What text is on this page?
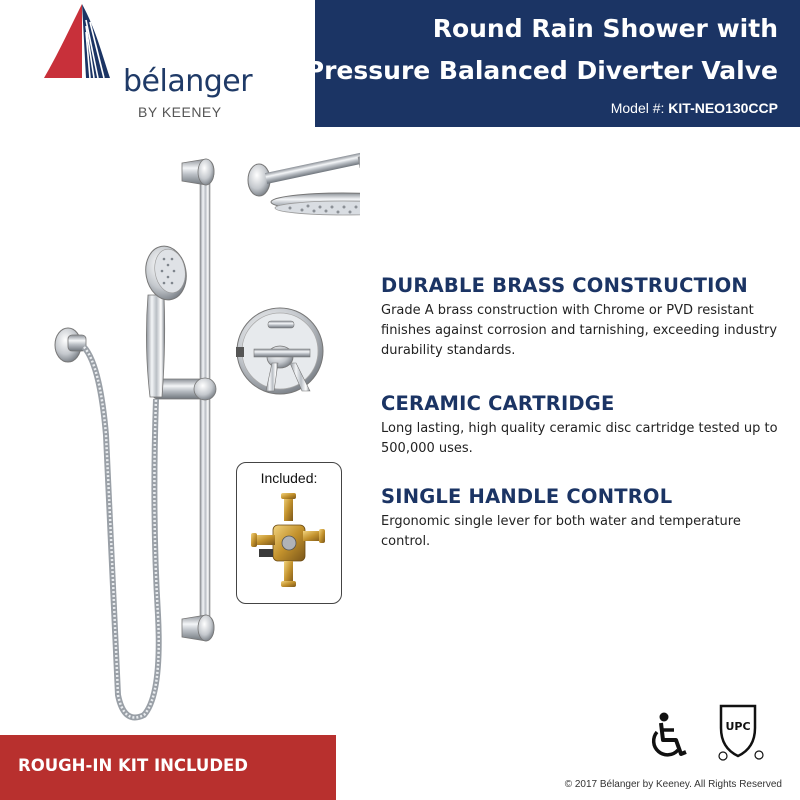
bélanger
BY KEENEY
Round Rain Shower with
Pressure Balanced Diverter Valve
Model #: KIT-NEO130CCP
Included:
DURABLE BRASS CONSTRUCTION

Grade A brass construction with Chrome or PVD resistant finishes against corrosion and tarnishing, exceeding industry durability standards.

CERAMIC CARTRIDGE

Long lasting, high quality ceramic disc cartridge tested up to 500,000 uses.

SINGLE HANDLE CONTROL

Ergonomic single lever for both water and temperature control.

ROUGH-IN KIT INCLUDED
UPC
© 2017 Bélanger by Keeney. All Rights Reserved
